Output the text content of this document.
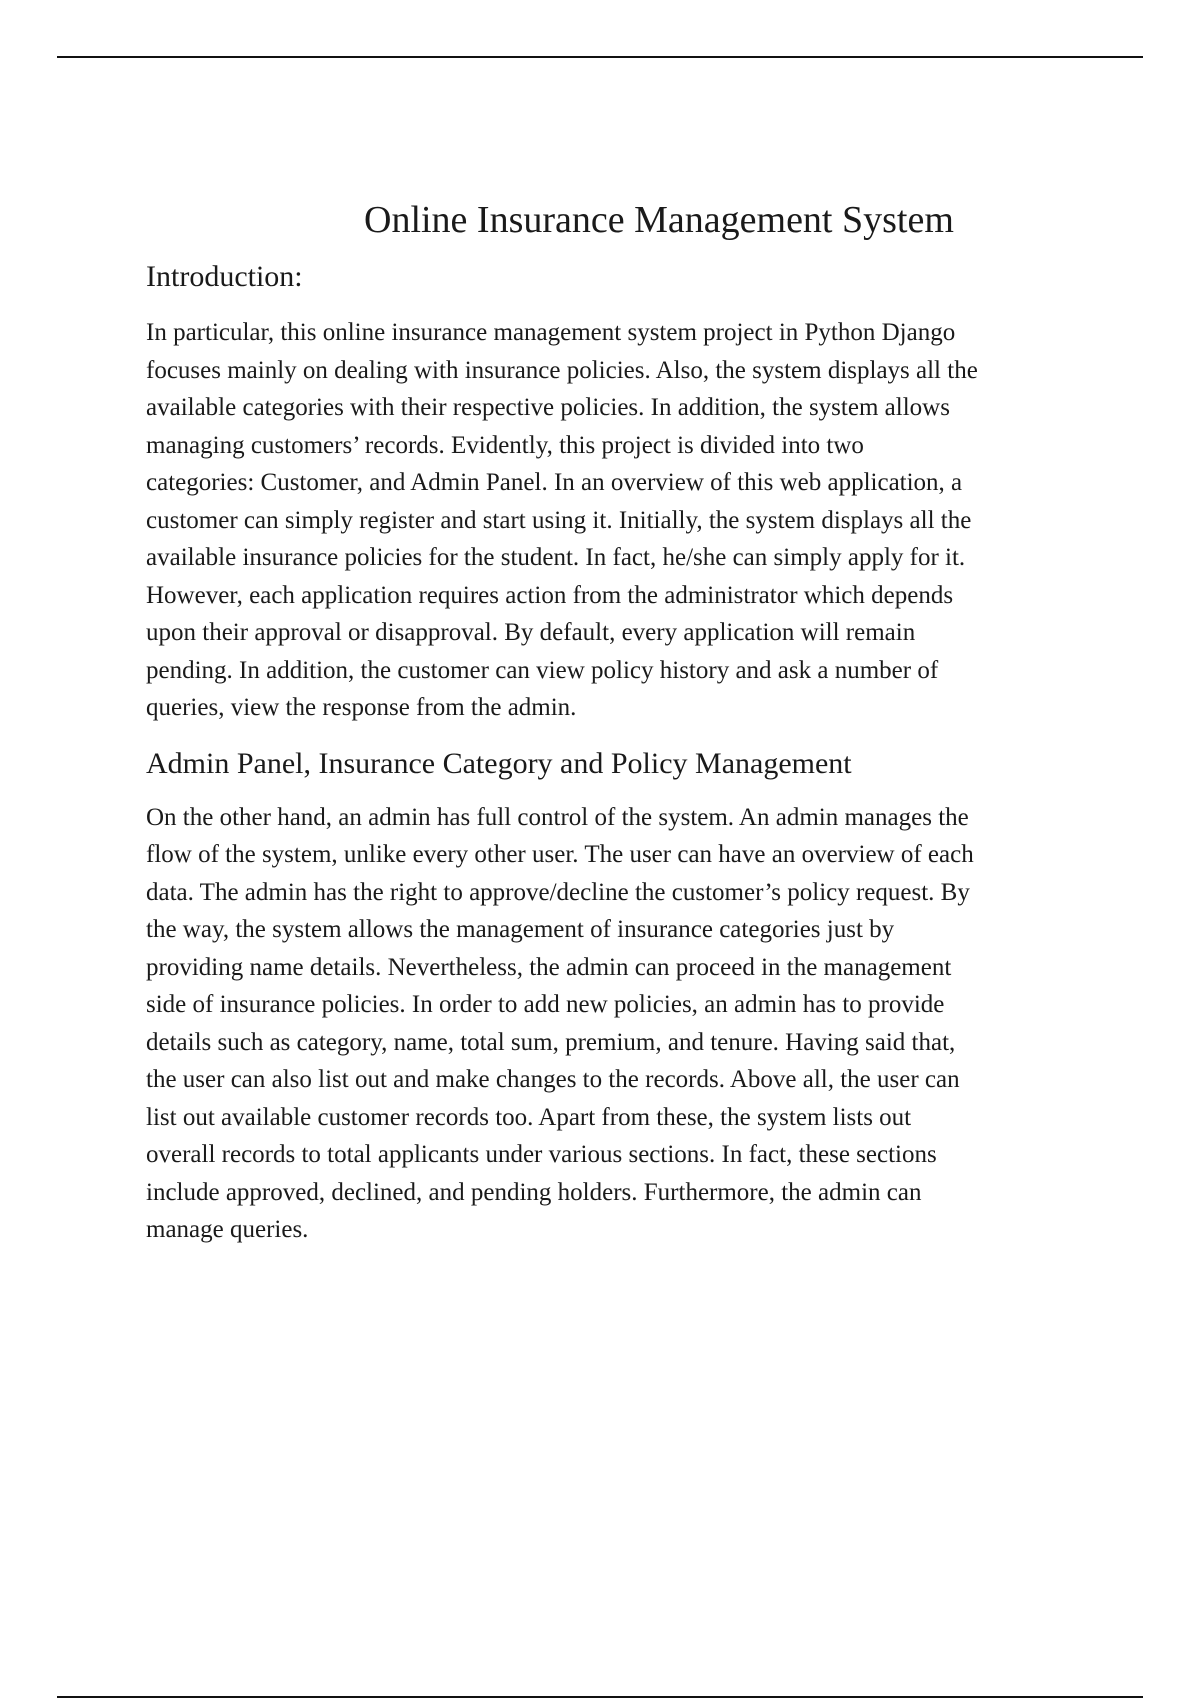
Online Insurance Management System
Introduction:

In particular, this online insurance management system project in Python Django
focuses mainly on dealing with insurance policies. Also, the system displays all the
available categories with their respective policies. In addition, the system allows
managing customers’ records. Evidently, this project is divided into two
categories: Customer, and Admin Panel. In an overview of this web application, a
customer can simply register and start using it. Initially, the system displays all the
available insurance policies for the student. In fact, he/she can simply apply for it.
However, each application requires action from the administrator which depends
upon their approval or disapproval. By default, every application will remain
pending. In addition, the customer can view policy history and ask a number of
queries, view the response from the admin.

Admin Panel, Insurance Category and Policy Management

On the other hand, an admin has full control of the system. An admin manages the
flow of the system, unlike every other user. The user can have an overview of each
data. The admin has the right to approve/decline the customer’s policy request. By
the way, the system allows the management of insurance categories just by
providing name details. Nevertheless, the admin can proceed in the management
side of insurance policies. In order to add new policies, an admin has to provide
details such as category, name, total sum, premium, and tenure. Having said that,
the user can also list out and make changes to the records. Above all, the user can
list out available customer records too. Apart from these, the system lists out
overall records to total applicants under various sections. In fact, these sections
include approved, declined, and pending holders. Furthermore, the admin can
manage queries.
